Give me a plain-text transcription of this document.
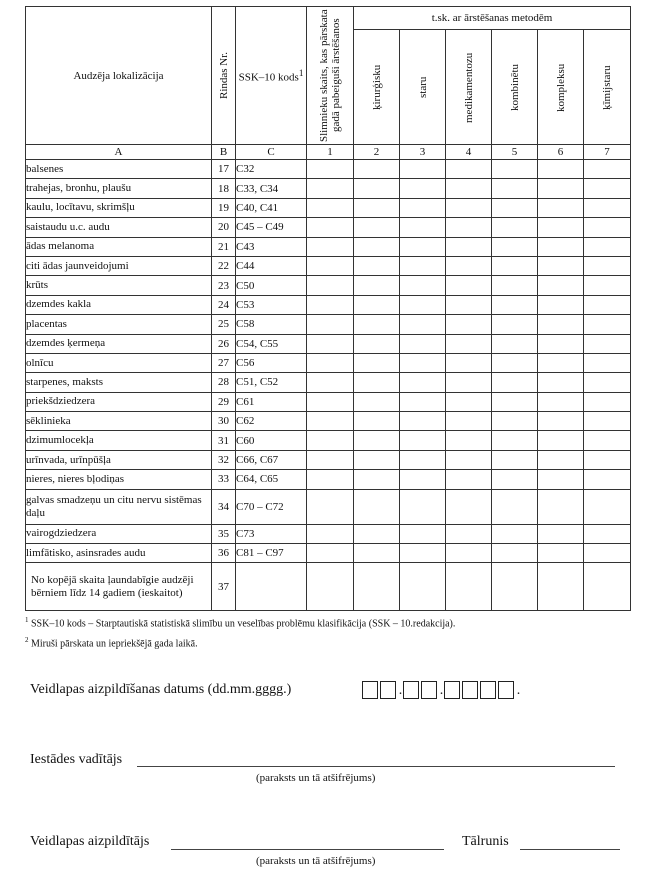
Audzēja lokalizācija	Rindas Nr.	SSK–10 kods$^1$	Slimnieku skaits, kas pārskata gadā pabeiguši ārstēšanos	t.sk. ar ārstēšanas metodēm					

				ķirurģisku	staru	medikamentozu	kombinētu	kompleksu	ķīmijstaru

A	B	C	1	2	3	4	5	6	7
balsenes	17	C32							
trahejas, bronhu, plaušu	18	C33, C34							
kaulu, locītavu, skrimšļu	19	C40, C41							
saistaudu u.c. audu	20	C45 – C49							
ādas melanoma	21	C43							
citi ādas jaunveidojumi	22	C44							
krūts	23	C50							
dzemdes kakla	24	C53							
placentas	25	C58							
dzemdes ķermeņa	26	C54, C55							
olnīcu	27	C56							
starpenes, maksts	28	C51, C52							
priekšdziedzera	29	C61							
sēklinieka	30	C62							
dzimumlocekļa	31	C60							
urīnvada, urīnpūšļa	32	C66, C67							
nieres, nieres bļodiņas	33	C64, C65							
galvas smadzeņu un citu nervu sistēmas daļu	34	C70 – C72							
vairogdziedzera	35	C73							
limfātisko, asinsrades audu	36	C81 – C97							
No kopējā skaita ļaundabīgie audzēji bērniem līdz 14 gadiem (ieskaitot)	37								
$^1$ SSK–10 kods – Starptautiskā statistiskā slimību un veselības problēmu klasifikācija (SSK – 10.redakcija).
$^2$ Miruši pārskata un iepriekšējā gada laikā.
Veidlapas aizpildīšanas datums (dd.mm.gggg.)	.	.	.
Iestādes vadītājs
(paraksts un tā atšifrējums)
Veidlapas aizpildītājs	Tālrunis
(paraksts un tā atšifrējums)
